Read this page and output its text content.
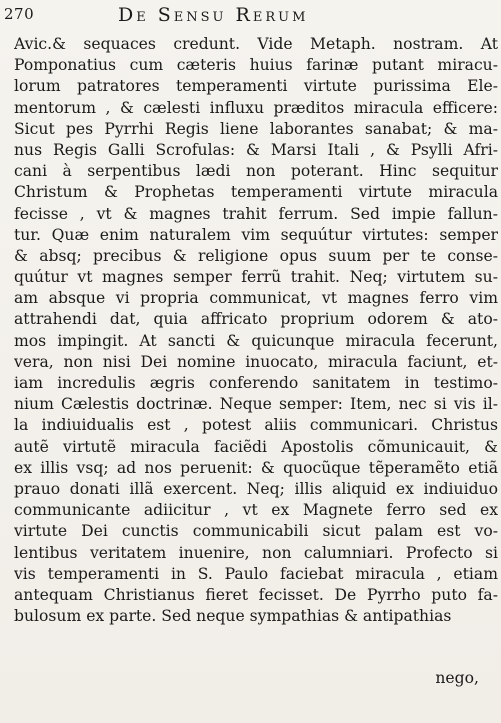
270	De Sensu Rerum
Avic.& sequaces credunt. Vide Metaph. nostram. At
Pomponatius cum cæteris huius farinæ putant miracu-
lorum patratores temperamenti virtute purissima Ele-
mentorum , & cælesti influxu præditos miracula efficere:
Sicut pes Pyrrhi Regis liene laborantes sanabat; & ma-
nus Regis Galli Scrofulas: & Marsi Itali , & Psylli Afri-
cani à serpentibus lædi non poterant. Hinc sequitur
Christum & Prophetas temperamenti virtute miracula
fecisse , vt & magnes trahit ferrum. Sed impie fallun-
tur. Quæ enim naturalem vim sequútur virtutes: semper
& absq; precibus & religione opus suum per te conse-
quútur vt magnes semper ferrũ trahit. Neq; virtutem su-
am absque vi propria communicat, vt magnes ferro vim
attrahendi dat, quia affricato proprium odorem & ato-
mos impingit. At sancti & quicunque miracula fecerunt,
vera, non nisi Dei nomine inuocato, miracula faciunt, et-
iam incredulis ægris conferendo sanitatem in testimo-
nium Cælestis doctrinæ. Neque semper: Item, nec si vis il-
la indiuidualis est , potest aliis communicari. Christus
autẽ virtutẽ miracula faciẽdi Apostolis cõmunicauit, &
ex illis vsq; ad nos peruenit: & quocũque tẽperamẽto etiã
prauo donati illã exercent. Neq; illis aliquid ex indiuiduo
communicante adiicitur , vt ex Magnete ferro sed ex
virtute Dei cunctis communicabili sicut palam est vo-
lentibus veritatem inuenire, non calumniari. Profecto si
vis temperamenti in S. Paulo faciebat miracula , etiam
antequam Christianus fieret fecisset. De Pyrrho puto fa-
bulosum ex parte. Sed neque sympathias & antipathias
nego,
